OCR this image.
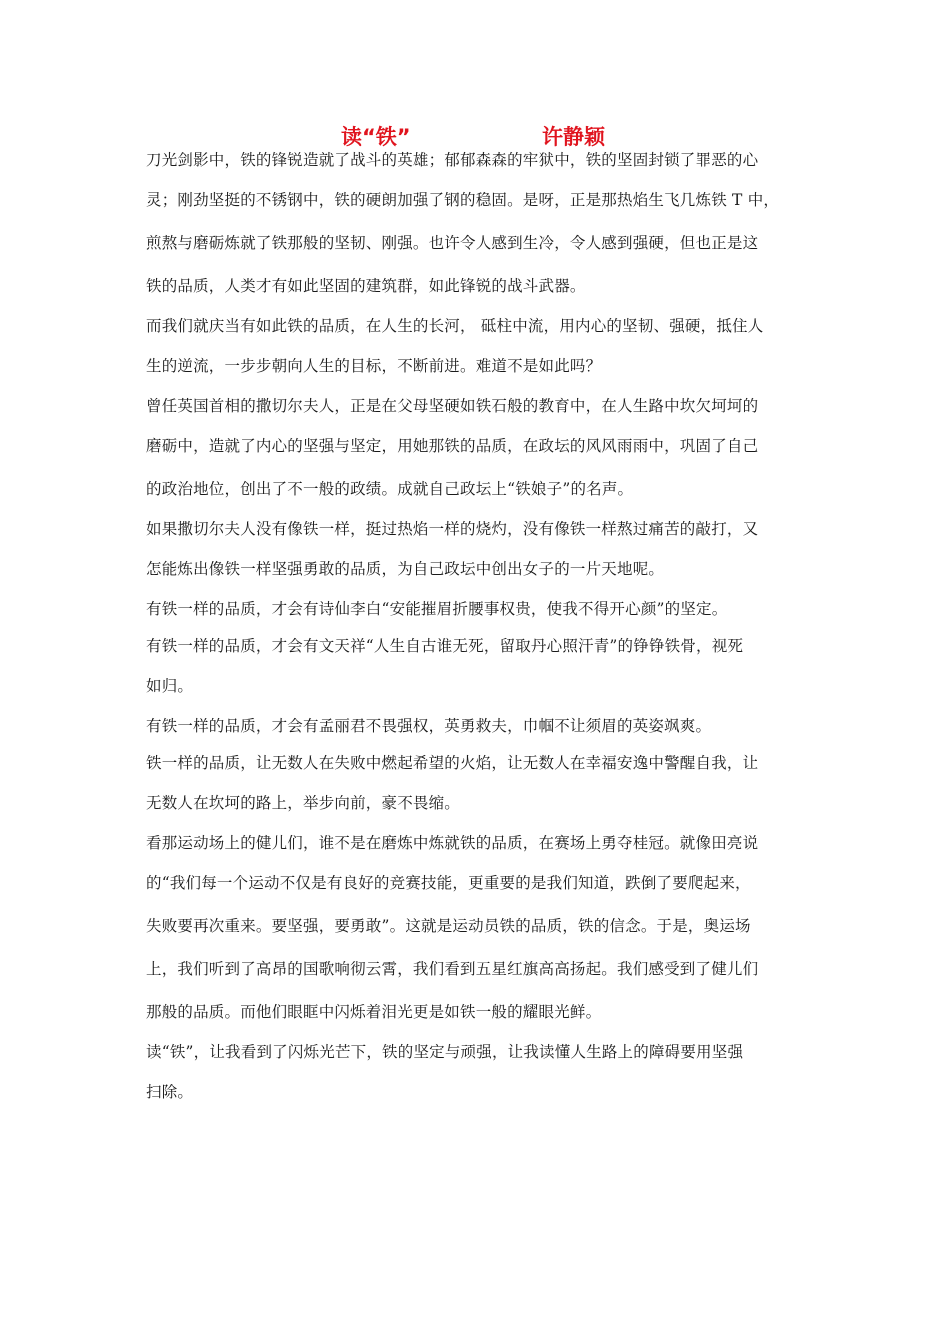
读“铁”	许静颖
刀光剑影中，铁的锋锐造就了战斗的英雄；郁郁森森的牢狱中，铁的坚固封锁了罪恶的心
灵；刚劲坚挺的不锈钢中，铁的硬朗加强了钢的稳固。是呀，正是那热焰生飞几炼铁 T 中，
煎熬与磨砺炼就了铁那般的坚韧、刚强。也许令人感到生冷，令人感到强硬，但也正是这
铁的品质，人类才有如此坚固的建筑群，如此锋锐的战斗武器。
而我们就庆当有如此铁的品质，在人生的长河， 砥柱中流，用内心的坚韧、强硬，抵住人
生的逆流，一步步朝向人生的目标，不断前进。难道不是如此吗？
曾任英国首相的撒切尔夫人，正是在父母坚硬如铁石般的教育中，在人生路中坎欠坷坷的
磨砺中，造就了内心的坚强与坚定，用她那铁的品质，在政坛的风风雨雨中，巩固了自己
的政治地位，创出了不一般的政绩。成就自己政坛上“铁娘子”的名声。
如果撒切尔夫人没有像铁一样，挺过热焰一样的烧灼，没有像铁一样熬过痛苦的敲打，又
怎能炼出像铁一样坚强勇敢的品质，为自己政坛中创出女子的一片天地呢。
有铁一样的品质，才会有诗仙李白“安能摧眉折腰事权贵，使我不得开心颜”的坚定。
有铁一样的品质，才会有文天祥“人生自古谁无死，留取丹心照汗青”的铮铮铁骨，视死
如归。
有铁一样的品质，才会有孟丽君不畏强权，英勇救夫，巾帼不让须眉的英姿飒爽。
铁一样的品质，让无数人在失败中燃起希望的火焰，让无数人在幸福安逸中警醒自我，让
无数人在坎坷的路上，举步向前，豪不畏缩。
看那运动场上的健儿们，谁不是在磨炼中炼就铁的品质，在赛场上勇夺桂冠。就像田亮说
的“我们每一个运动不仅是有良好的竞赛技能，更重要的是我们知道，跌倒了要爬起来，
失败要再次重来。要坚强，要勇敢”。这就是运动员铁的品质，铁的信念。于是，奥运场
上，我们听到了高昂的国歌响彻云霄，我们看到五星红旗高高扬起。我们感受到了健儿们
那般的品质。而他们眼眶中闪烁着泪光更是如铁一般的耀眼光鲜。
读“铁”，让我看到了闪烁光芒下，铁的坚定与顽强，让我读懂人生路上的障碍要用坚强
扫除。
